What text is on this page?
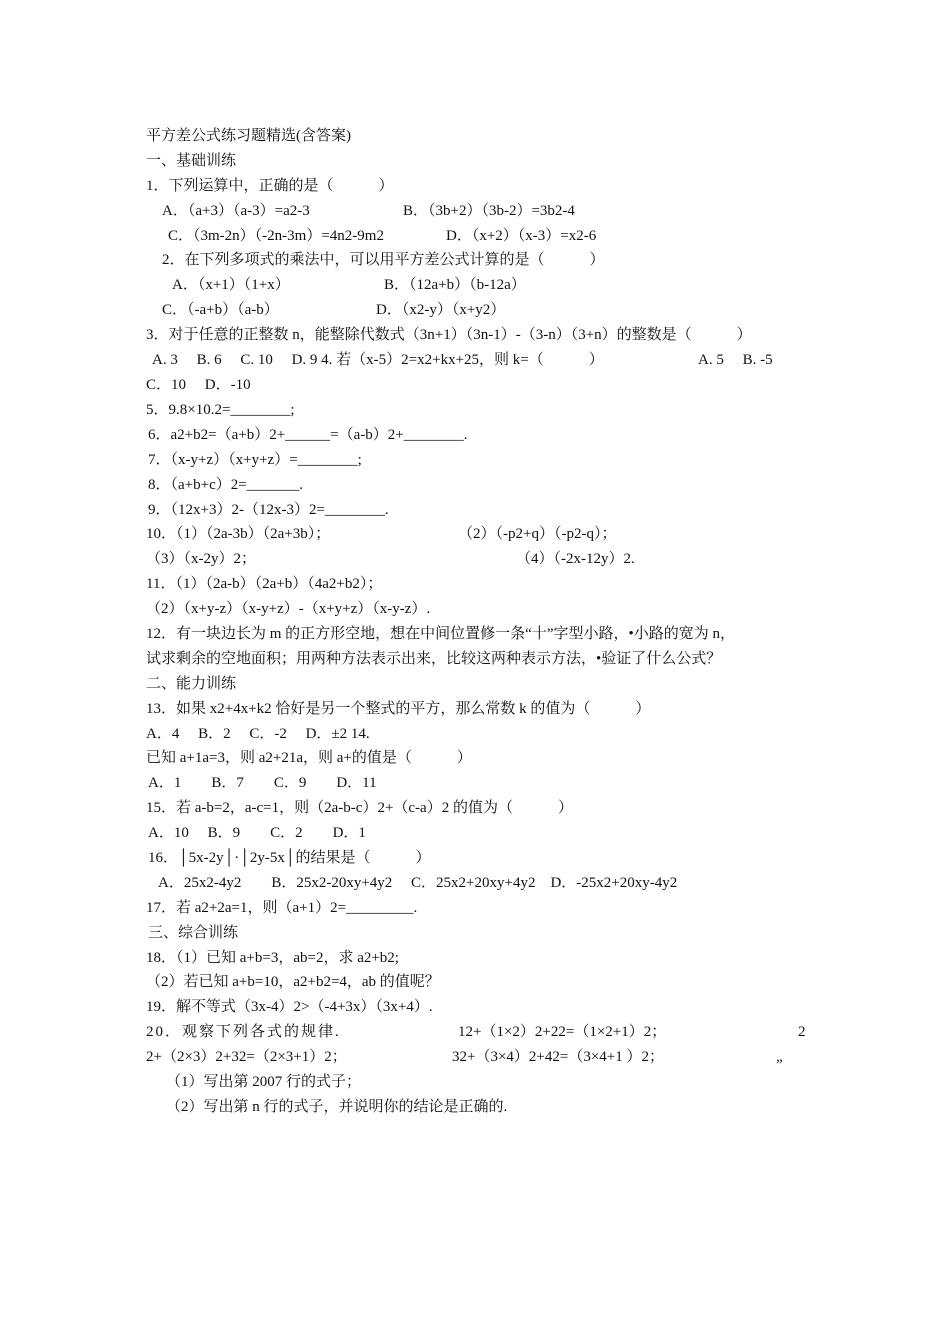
平方差公式练习题精选(含答案)
一、基础训练
1．下列运算中，正确的是（　　　）
A．（a+3）（a-3）=a2-3	B．（3b+2）（3b-2）=3b2-4
C．（3m-2n）（-2n-3m）=4n2-9m2	D．（x+2）（x-3）=x2-6
2．在下列多项式的乘法中，可以用平方差公式计算的是（　　　）
A．（x+1）（1+x）	B．（12a+b）（b-12a）
C．（-a+b）（a-b）	D．（x2-y）（x+y2）
3．对于任意的正整数 n，能整除代数式（3n+1）（3n-1）-（3-n）（3+n）的整数是（　　　）
A. 3　 B. 6　 C. 10　 D. 9 4. 若（x-5）2=x2+kx+25，则 k=（　　　）	A. 5　 B. -5
C．10　 D．-10
5．9.8×10.2=________;
6．a2+b2=（a+b）2+______=（a-b）2+________.
7．（x-y+z）（x+y+z）=________;
8．（a+b+c）2=_______.
9．（12x+3）2-（12x-3）2=________.
10．（1）（2a-3b）（2a+3b）；	（2）（-p2+q）（-p2-q）；
（3）（x-2y）2；	（4）（-2x-12y）2.
11．（1）（2a-b）（2a+b）（4a2+b2）；
（2）（x+y-z）（x-y+z）-（x+y+z）（x-y-z）.
12．有一块边长为 m 的正方形空地，想在中间位置修一条“十”字型小路，•小路的宽为 n，
试求剩余的空地面积；用两种方法表示出来，比较这两种表示方法，•验证了什么公式？
二、能力训练
13．如果 x2+4x+k2 恰好是另一个整式的平方，那么常数 k 的值为（　　　）
A．4　 B．2　 C．-2　 D．±2 14.
已知 a+1a=3，则 a2+21a，则 a+的值是（　　　）
A．1　　B．7　　C．9　　D．11
15．若 a-b=2，a-c=1，则（2a-b-c）2+（c-a）2 的值为（　　　）
A．10　 B．9　　C．2　　D．1
16．│5x-2y│·│2y-5x│的结果是（　　　）
A．25x2-4y2　　B．25x2-20xy+4y2　 C．25x2+20xy+4y2　D．-25x2+20xy-4y2
17．若 a2+2a=1，则（a+1）2=_________.
三、综合训练
18．（1）已知 a+b=3，ab=2，求 a2+b2;
（2）若已知 a+b=10，a2+b2=4，ab 的值呢？
19．解不等式（3x-4）2>（-4+3x）（3x+4）.
20．观察下列各式的规律.	12+（1×2）2+22=（1×2+1）2；	2
2+（2×3）2+32=（2×3+1）2；	32+（3×4）2+42=（3×4+1 ）2；	„
（1）写出第 2007 行的式子；
（2）写出第 n 行的式子，并说明你的结论是正确的.
